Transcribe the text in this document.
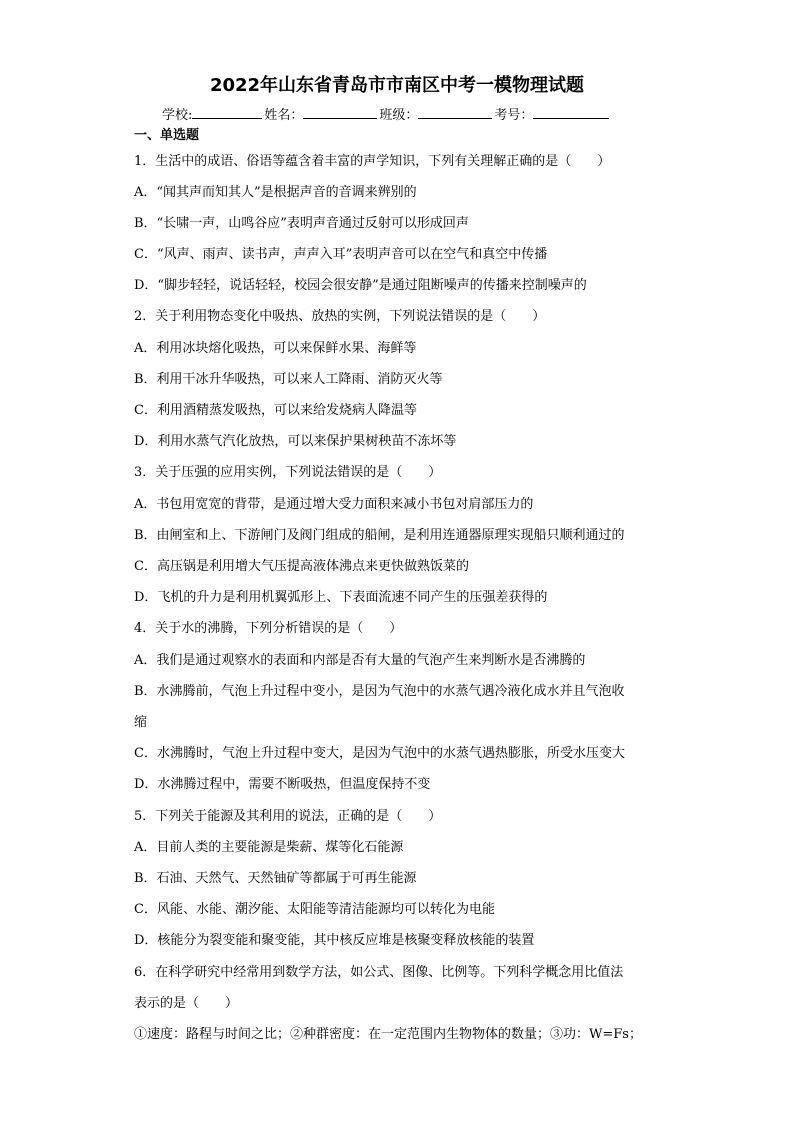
2022年山东省青岛市市南区中考一模物理试题
学校:	姓名：	班级：	考号：
一、单选题
1．生活中的成语、俗语等蕴含着丰富的声学知识，下列有关理解正确的是（　　）
A．“闻其声而知其人”是根据声音的音调来辨别的
B．“长啸一声，山鸣谷应”表明声音通过反射可以形成回声
C．“风声、雨声、读书声，声声入耳”表明声音可以在空气和真空中传播
D．“脚步轻轻，说话轻轻，校园会很安静”是通过阻断噪声的传播来控制噪声的
2．关于利用物态变化中吸热、放热的实例，下列说法错误的是（　　）
A．利用冰块熔化吸热，可以来保鲜水果、海鲜等
B．利用干冰升华吸热，可以来人工降雨、消防灭火等
C．利用酒精蒸发吸热，可以来给发烧病人降温等
D．利用水蒸气汽化放热，可以来保护果树秧苗不冻坏等
3．关于压强的应用实例，下列说法错误的是（　　）
A．书包用宽宽的背带，是通过增大受力面积来减小书包对肩部压力的
B．由闸室和上、下游闸门及阀门组成的船闸，是利用连通器原理实现船只顺利通过的
C．高压锅是利用增大气压提高液体沸点来更快做熟饭菜的
D．飞机的升力是利用机翼弧形上、下表面流速不同产生的压强差获得的
4．关于水的沸腾，下列分析错误的是（　　）
A．我们是通过观察水的表面和内部是否有大量的气泡产生来判断水是否沸腾的
B．水沸腾前，气泡上升过程中变小，是因为气泡中的水蒸气遇冷液化成水并且气泡收
缩
C．水沸腾时，气泡上升过程中变大，是因为气泡中的水蒸气遇热膨胀，所受水压变大
D．水沸腾过程中，需要不断吸热，但温度保持不变
5．下列关于能源及其利用的说法，正确的是（　　）
A．目前人类的主要能源是柴薪、煤等化石能源
B．石油、天然气、天然铀矿等都属于可再生能源
C．风能、水能、潮汐能、太阳能等清洁能源均可以转化为电能
D．核能分为裂变能和聚变能，其中核反应堆是核聚变释放核能的装置
6．在科学研究中经常用到数学方法，如公式、图像、比例等。下列科学概念用比值法
表示的是（　　）
①速度：路程与时间之比；②种群密度：在一定范围内生物物体的数量；③功：W=Fs；
